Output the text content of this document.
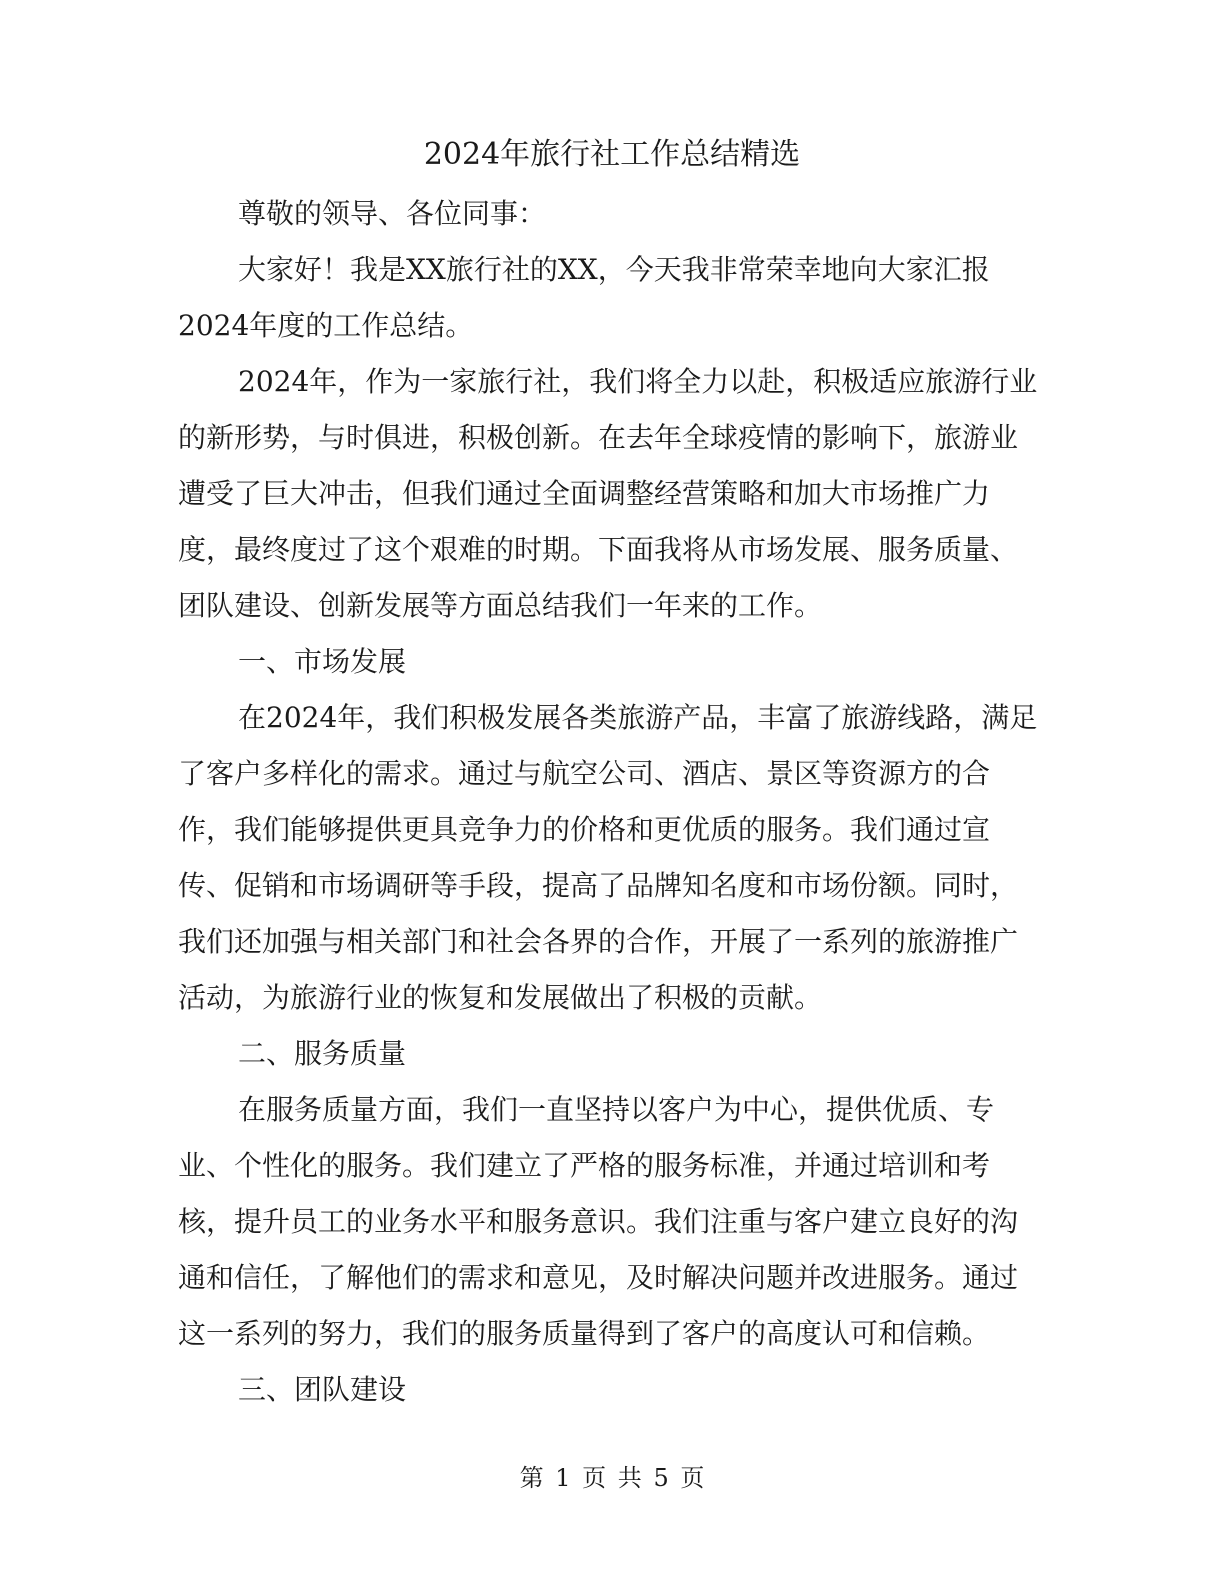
2024年旅行社工作总结精选
尊敬的领导、各位同事：
大家好！我是XX旅行社的XX，今天我非常荣幸地向大家汇报
2024年度的工作总结。
2024年，作为一家旅行社，我们将全力以赴，积极适应旅游行业
的新形势，与时俱进，积极创新。在去年全球疫情的影响下，旅游业
遭受了巨大冲击，但我们通过全面调整经营策略和加大市场推广力
度，最终度过了这个艰难的时期。下面我将从市场发展、服务质量、
团队建设、创新发展等方面总结我们一年来的工作。
一、市场发展
在2024年，我们积极发展各类旅游产品，丰富了旅游线路，满足
了客户多样化的需求。通过与航空公司、酒店、景区等资源方的合
作，我们能够提供更具竞争力的价格和更优质的服务。我们通过宣
传、促销和市场调研等手段，提高了品牌知名度和市场份额。同时，
我们还加强与相关部门和社会各界的合作，开展了一系列的旅游推广
活动，为旅游行业的恢复和发展做出了积极的贡献。
二、服务质量
在服务质量方面，我们一直坚持以客户为中心，提供优质、专
业、个性化的服务。我们建立了严格的服务标准，并通过培训和考
核，提升员工的业务水平和服务意识。我们注重与客户建立良好的沟
通和信任，了解他们的需求和意见，及时解决问题并改进服务。通过
这一系列的努力，我们的服务质量得到了客户的高度认可和信赖。
三、团队建设
第 1 页 共 5 页
